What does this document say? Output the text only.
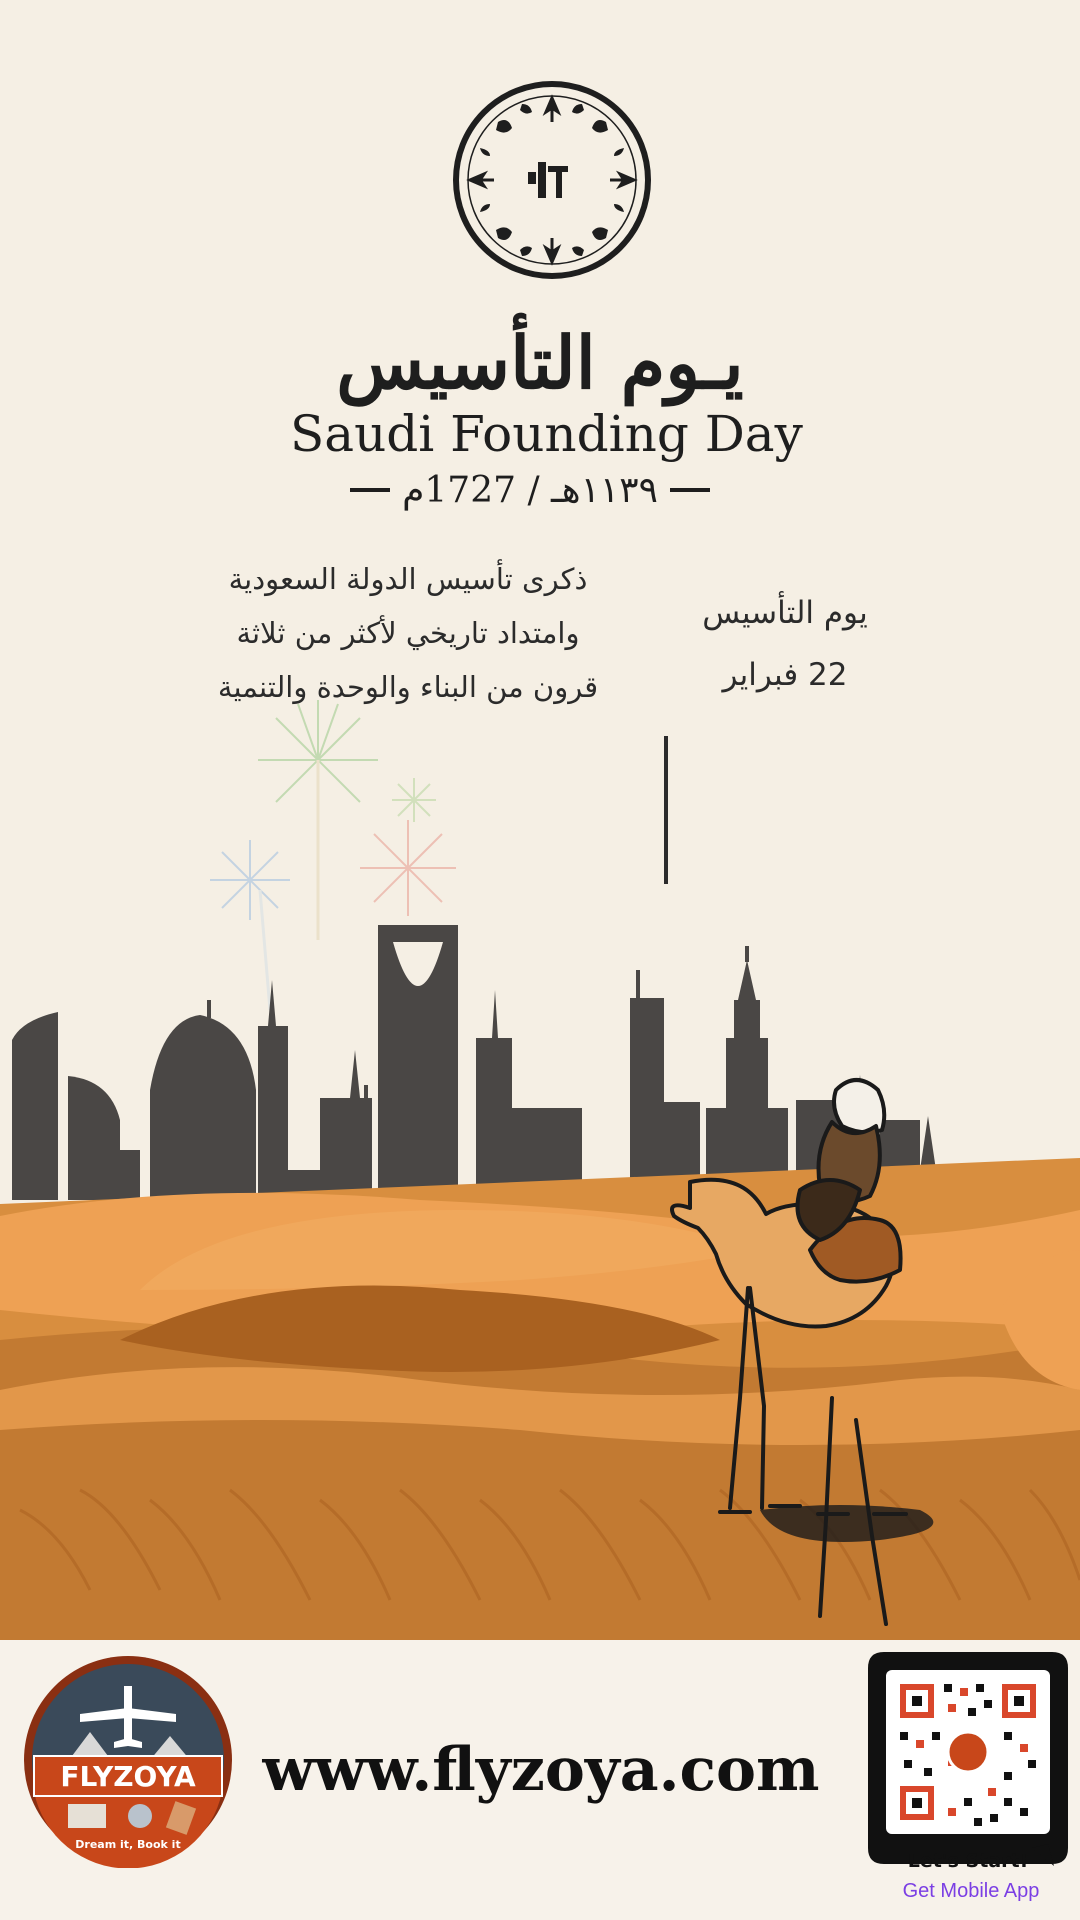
يـوم التأسيس
Saudi Founding Day
١١٣٩هـ / 1727م
ذكرى تأسيس الدولة السعودية
وامتداد تاريخي لأكثر من ثلاثة
قرون من البناء والوحدة والتنمية
يوم التأسيس
22 فبراير
FLYZOYA
Dream it, Book it
www.flyzoya.com
Let's Start!
Get Mobile App
